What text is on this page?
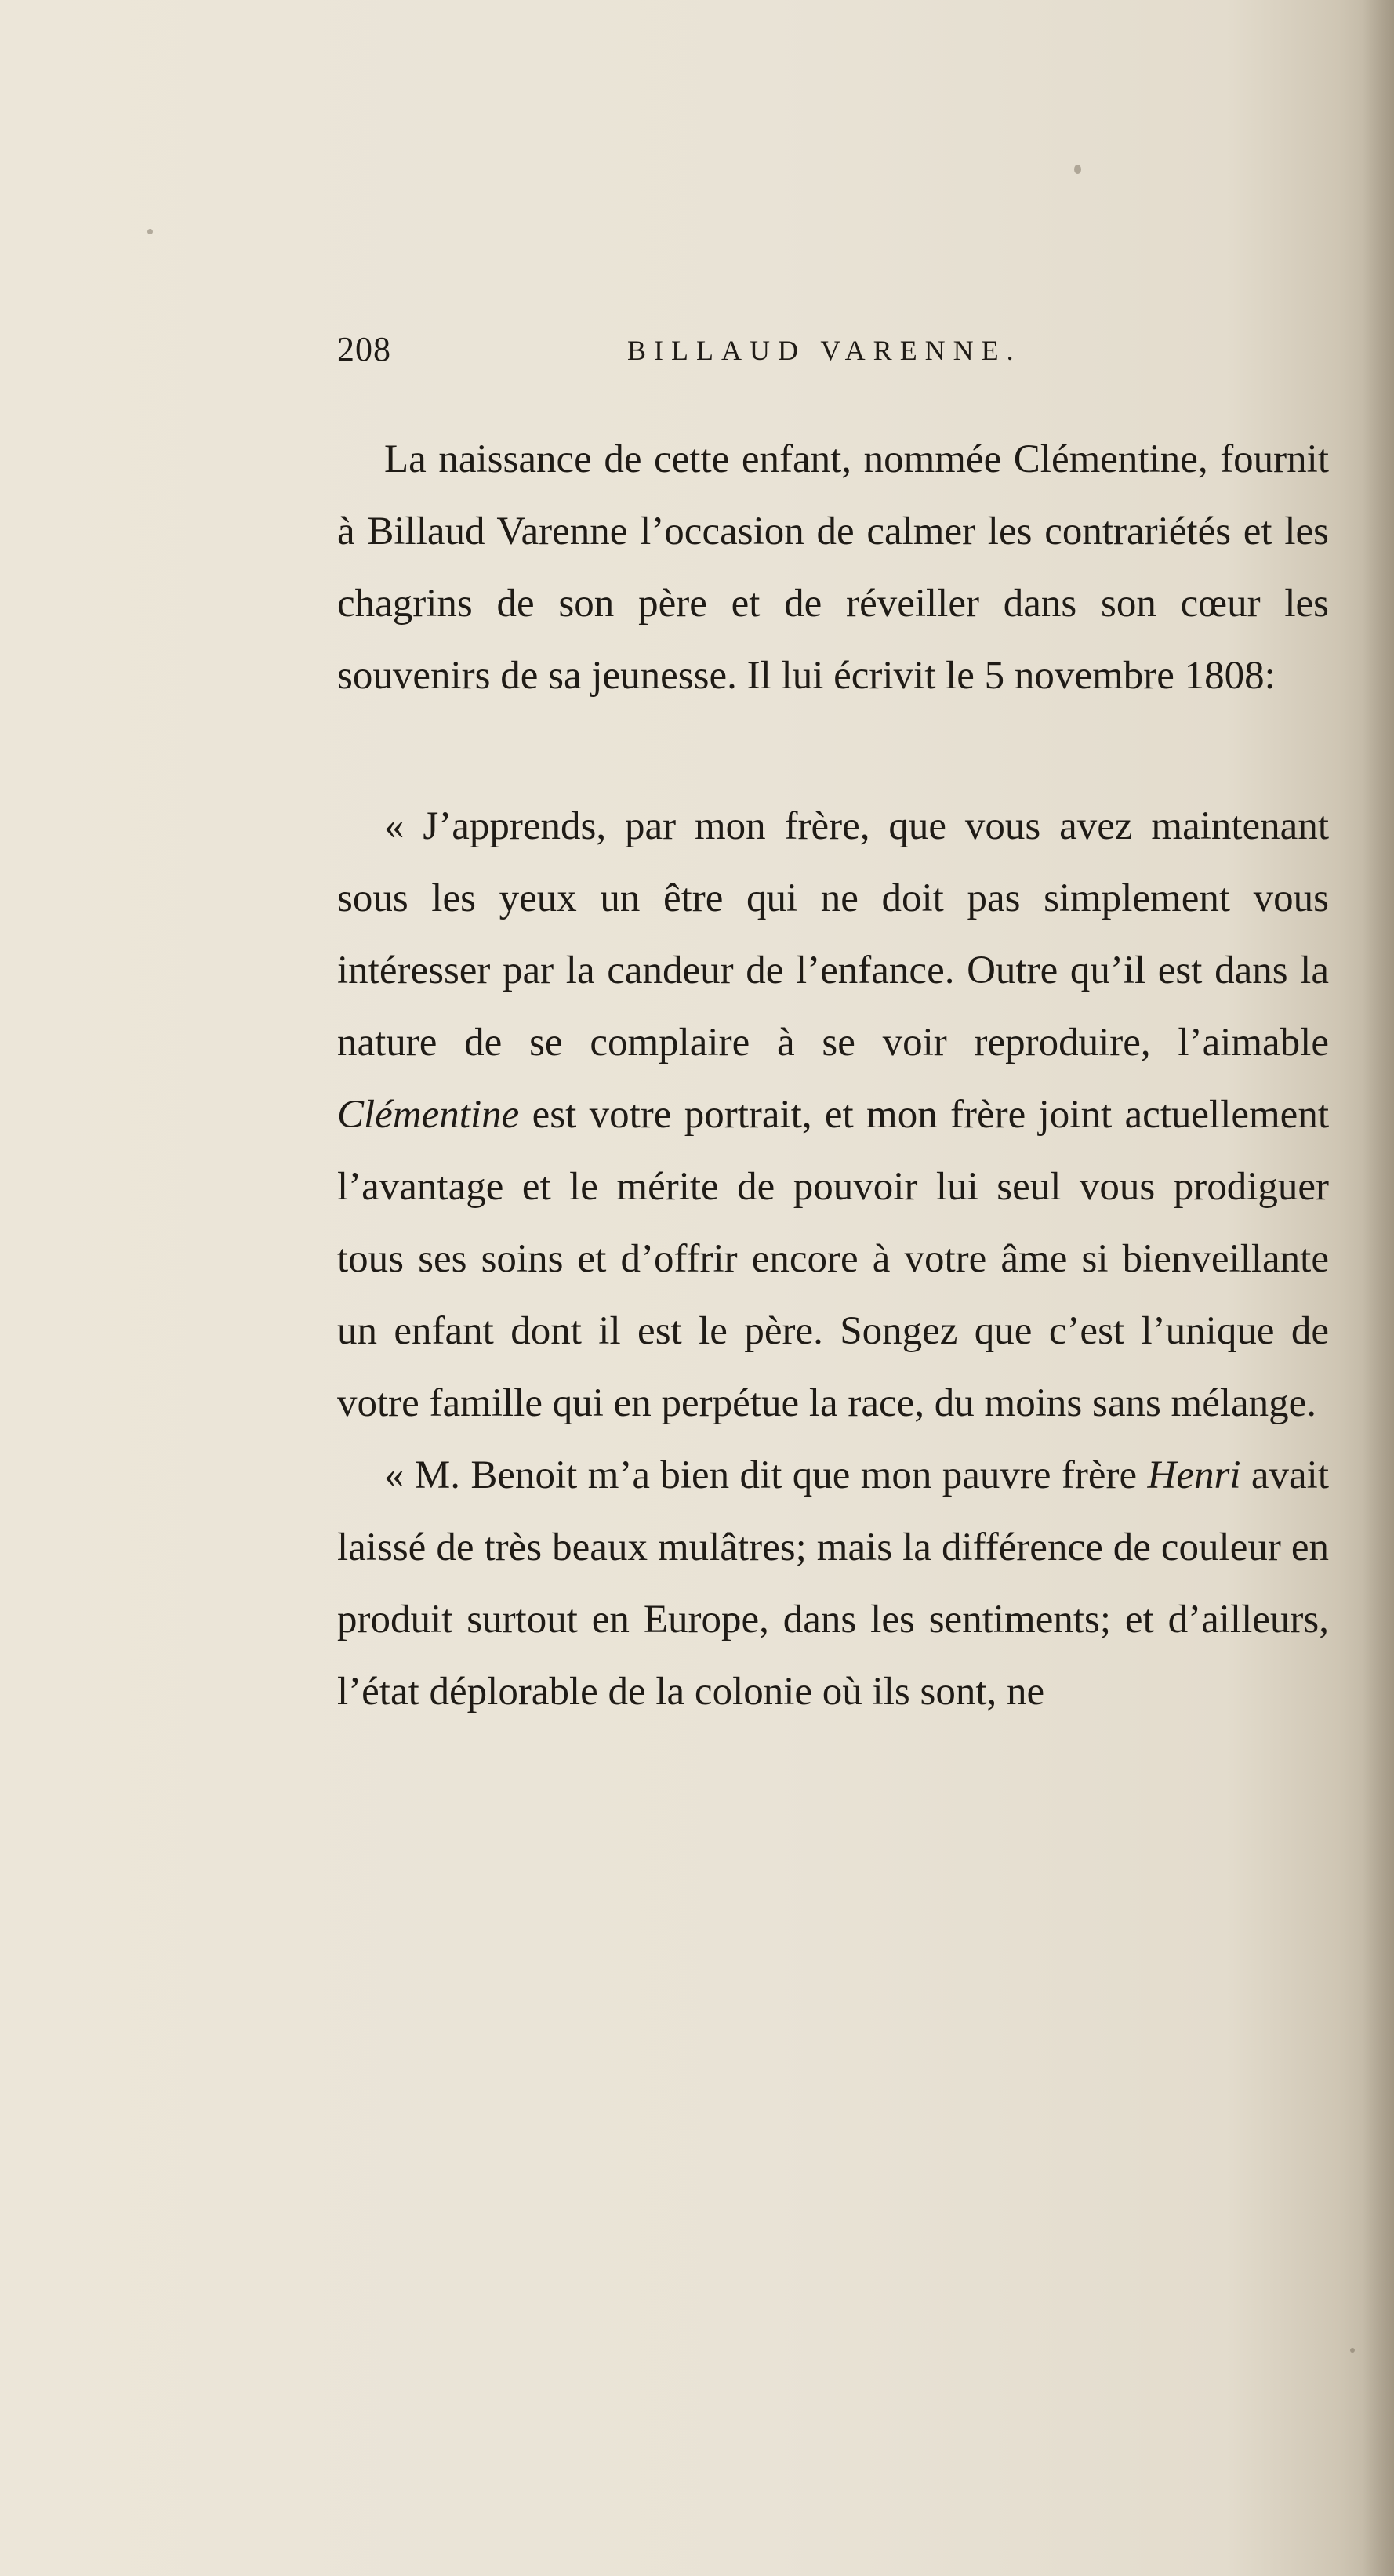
208	BILLAUD VARENNE.

La naissance de cette enfant, nommée Clémentine, fournit à Billaud Varenne l’occasion de calmer les contrariétés et les chagrins de son père et de réveiller dans son cœur les souvenirs de sa jeunesse. Il lui écrivit le 5 novembre 1808:

« J’apprends, par mon frère, que vous avez maintenant sous les yeux un être qui ne doit pas simplement vous intéresser par la candeur de l’enfance. Outre qu’il est dans la nature de se complaire à se voir reproduire, l’aimable Clémentine est votre portrait, et mon frère joint actuellement l’avantage et le mérite de pouvoir lui seul vous prodiguer tous ses soins et d’offrir encore à votre âme si bienveillante un enfant dont il est le père. Songez que c’est l’unique de votre famille qui en perpétue la race, du moins sans mélange.

« M. Benoit m’a bien dit que mon pauvre frère Henri avait laissé de très beaux mulâtres; mais la différence de couleur en produit surtout en Europe, dans les sentiments; et d’ailleurs, l’état déplorable de la colonie où ils sont, ne
